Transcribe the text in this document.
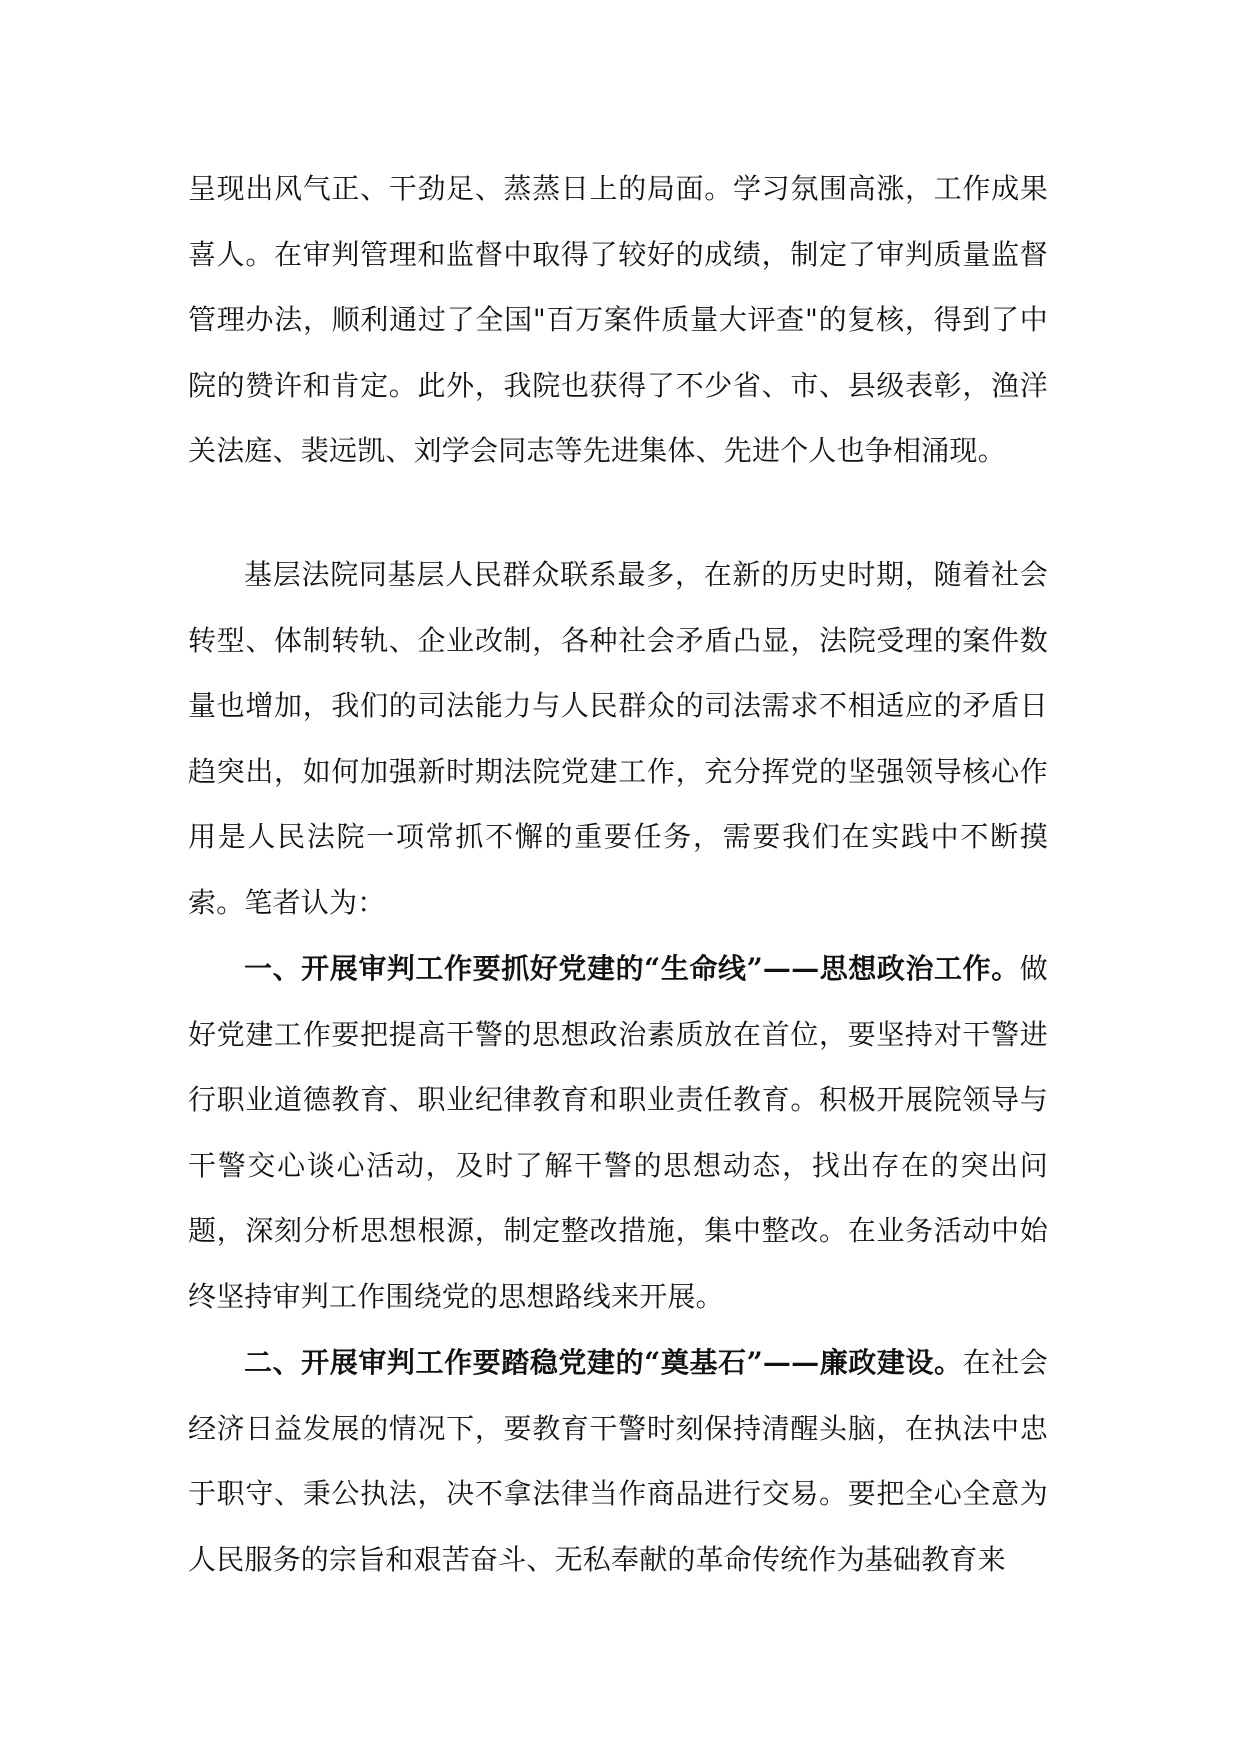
呈现出风气正、干劲足、蒸蒸日上的局面。学习氛围高涨，工作成果喜人。在审判管理和监督中取得了较好的成绩，制定了审判质量监督管理办法，顺利通过了全国"百万案件质量大评查"的复核，得到了中院的赞许和肯定。此外，我院也获得了不少省、市、县级表彰，渔洋关法庭、裴远凯、刘学会同志等先进集体、先进个人也争相涌现。

基层法院同基层人民群众联系最多，在新的历史时期，随着社会转型、体制转轨、企业改制，各种社会矛盾凸显，法院受理的案件数量也增加，我们的司法能力与人民群众的司法需求不相适应的矛盾日趋突出，如何加强新时期法院党建工作，充分挥党的坚强领导核心作用是人民法院一项常抓不懈的重要任务，需要我们在实践中不断摸索。笔者认为：

一、开展审判工作要抓好党建的“生命线”——思想政治工作。做好党建工作要把提高干警的思想政治素质放在首位，要坚持对干警进行职业道德教育、职业纪律教育和职业责任教育。积极开展院领导与干警交心谈心活动，及时了解干警的思想动态，找出存在的突出问题，深刻分析思想根源，制定整改措施，集中整改。在业务活动中始终坚持审判工作围绕党的思想路线来开展。

二、开展审判工作要踏稳党建的“奠基石”——廉政建设。在社会经济日益发展的情况下，要教育干警时刻保持清醒头脑，在执法中忠于职守、秉公执法，决不拿法律当作商品进行交易。要把全心全意为人民服务的宗旨和艰苦奋斗、无私奉献的革命传统作为基础教育来
